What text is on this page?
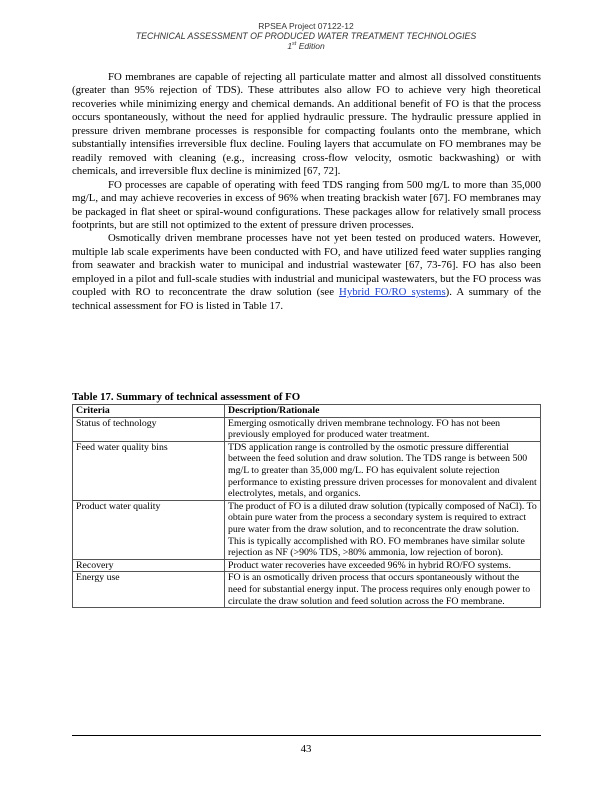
RPSEA Project 07122-12
TECHNICAL ASSESSMENT OF PRODUCED WATER TREATMENT TECHNOLOGIES
1st Edition

FO membranes are capable of rejecting all particulate matter and almost all dissolved constituents (greater than 95% rejection of TDS). These attributes also allow FO to achieve very high theoretical recoveries while minimizing energy and chemical demands. An additional benefit of FO is that the process occurs spontaneously, without the need for applied hydraulic pressure. The hydraulic pressure applied in pressure driven membrane processes is responsible for compacting foulants onto the membrane, which substantially intensifies irreversible flux decline. Fouling layers that accumulate on FO membranes may be readily removed with cleaning (e.g., increasing cross-flow velocity, osmotic backwashing) or with chemicals, and irreversible flux decline is minimized [67, 72].

FO processes are capable of operating with feed TDS ranging from 500 mg/L to more than 35,000 mg/L, and may achieve recoveries in excess of 96% when treating brackish water [67]. FO membranes may be packaged in flat sheet or spiral-wound configurations. These packages allow for relatively small process footprints, but are still not optimized to the extent of pressure driven processes.

Osmotically driven membrane processes have not yet been tested on produced waters. However, multiple lab scale experiments have been conducted with FO, and have utilized feed water supplies ranging from seawater and brackish water to municipal and industrial wastewater [67, 73-76]. FO has also been employed in a pilot and full-scale studies with industrial and municipal wastewaters, but the FO process was coupled with RO to reconcentrate the draw solution (see Hybrid FO/RO systems). A summary of the technical assessment for FO is listed in Table 17.

Table 17. Summary of technical assessment of FO
Criteria	Description/Rationale
Status of technology	Emerging osmotically driven membrane technology. FO has not been previously employed for produced water treatment.
Feed water quality bins	TDS application range is controlled by the osmotic pressure differential between the feed solution and draw solution. The TDS range is between 500 mg/L to greater than 35,000 mg/L. FO has equivalent solute rejection performance to existing pressure driven processes for monovalent and divalent electrolytes, metals, and organics.
Product water quality	The product of FO is a diluted draw solution (typically composed of NaCl). To obtain pure water from the process a secondary system is required to extract pure water from the draw solution, and to reconcentrate the draw solution. This is typically accomplished with RO. FO membranes have similar solute rejection as NF (>90% TDS, >80% ammonia, low rejection of boron).
Recovery	Product water recoveries have exceeded 96% in hybrid RO/FO systems.
Energy use	FO is an osmotically driven process that occurs spontaneously without the need for substantial energy input. The process requires only enough power to circulate the draw solution and feed solution across the FO membrane.
43
